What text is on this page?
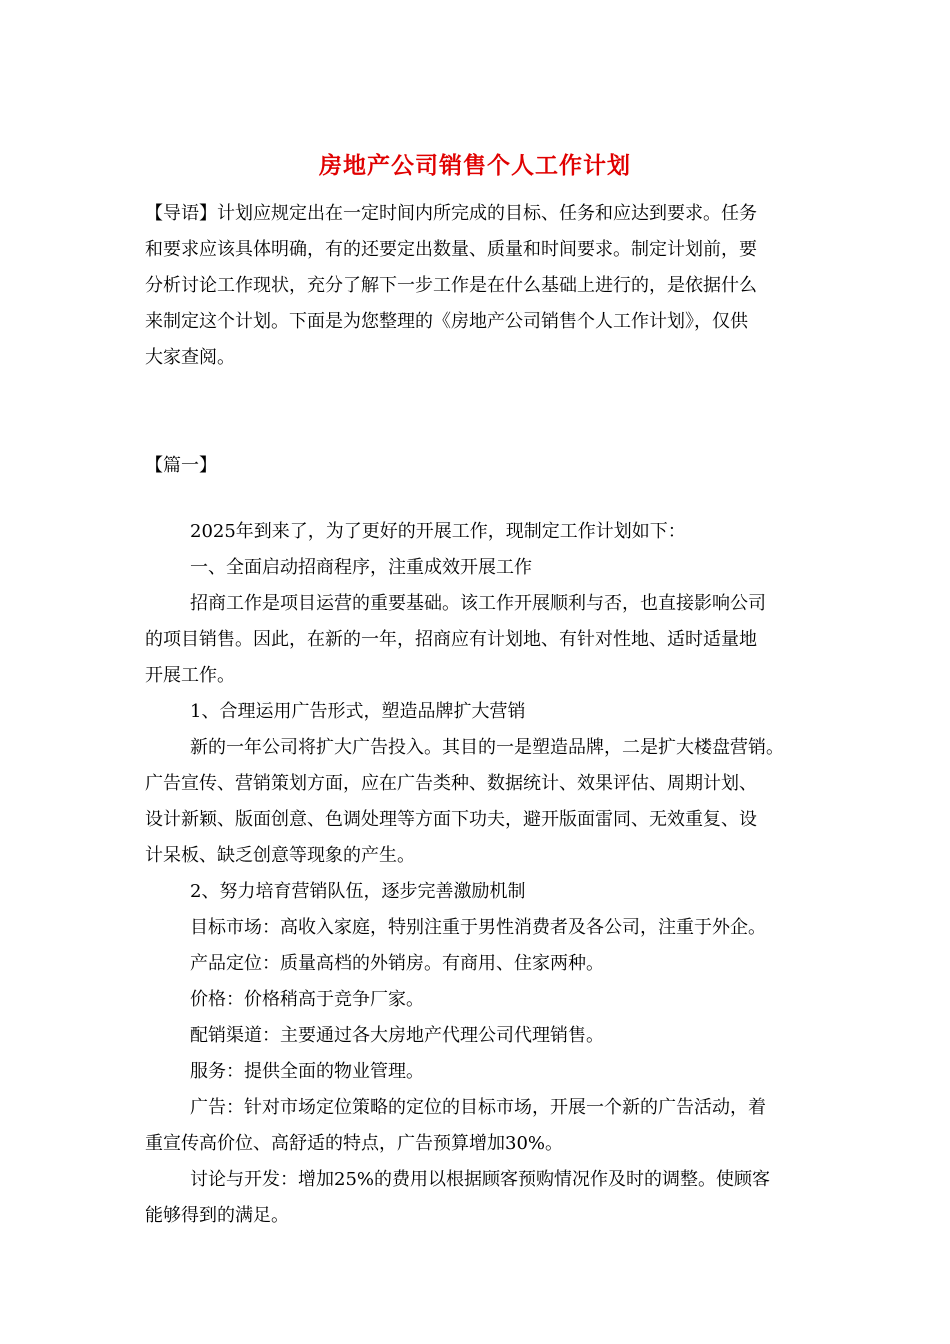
房地产公司销售个人工作计划

【导语】计划应规定出在一定时间内所完成的目标、任务和应达到要求。任务

和要求应该具体明确，有的还要定出数量、质量和时间要求。制定计划前，要

分析讨论工作现状，充分了解下一步工作是在什么基础上进行的，是依据什么

来制定这个计划。下面是为您整理的《房地产公司销售个人工作计划》，仅供

大家查阅。

【篇一】

2025年到来了，为了更好的开展工作，现制定工作计划如下：

一、全面启动招商程序，注重成效开展工作

招商工作是项目运营的重要基础。该工作开展顺利与否，也直接影响公司

的项目销售。因此，在新的一年，招商应有计划地、有针对性地、适时适量地

开展工作。

1、合理运用广告形式，塑造品牌扩大营销

新的一年公司将扩大广告投入。其目的一是塑造品牌，二是扩大楼盘营销。

广告宣传、营销策划方面，应在广告类种、数据统计、效果评估、周期计划、

设计新颖、版面创意、色调处理等方面下功夫，避开版面雷同、无效重复、设

计呆板、缺乏创意等现象的产生。

2、努力培育营销队伍，逐步完善激励机制

目标市场：高收入家庭，特别注重于男性消费者及各公司，注重于外企。

产品定位：质量高档的外销房。有商用、住家两种。

价格：价格稍高于竞争厂家。

配销渠道：主要通过各大房地产代理公司代理销售。

服务：提供全面的物业管理。

广告：针对市场定位策略的定位的目标市场，开展一个新的广告活动，着

重宣传高价位、高舒适的特点，广告预算增加30%。

讨论与开发：增加25%的费用以根据顾客预购情况作及时的调整。使顾客

能够得到的满足。
